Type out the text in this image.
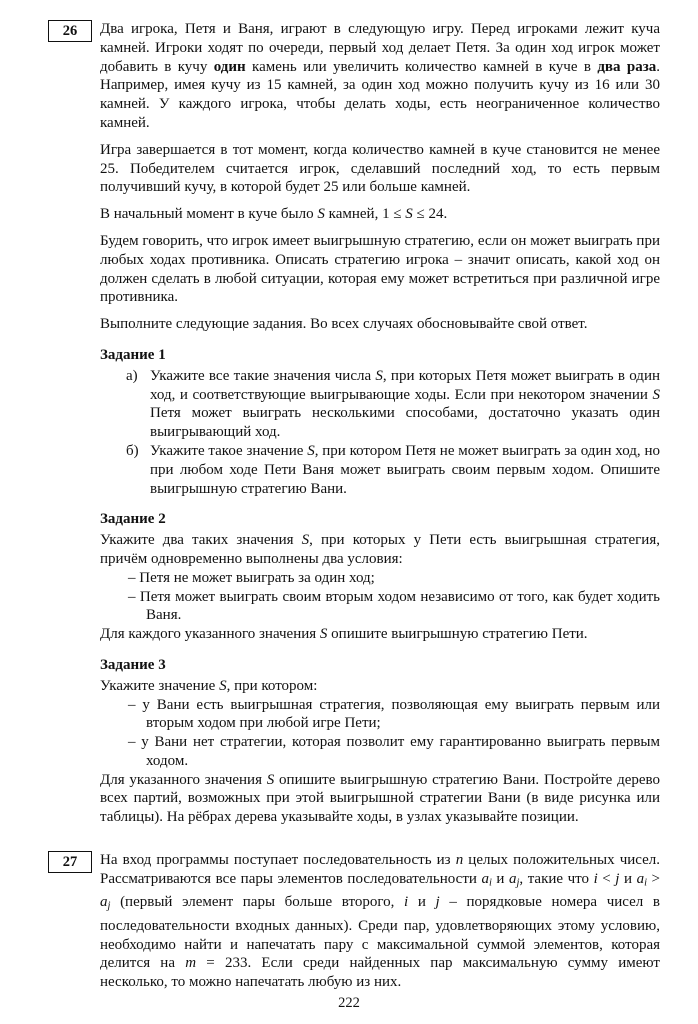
26 Два игрока, Петя и Ваня, играют в следующую игру. Перед игроками лежит куча камней. Игроки ходят по очереди, первый ход делает Петя. За один ход игрок может добавить в кучу один камень или увеличить количество камней в куче в два раза. Например, имея кучу из 15 камней, за один ход можно получить кучу из 16 или 30 камней. У каждого игрока, чтобы делать ходы, есть неограниченное количество камней.
Игра завершается в тот момент, когда количество камней в куче становится не менее 25. Победителем считается игрок, сделавший последний ход, то есть первым получивший кучу, в которой будет 25 или больше камней.
В начальный момент в куче было S камней, 1 ≤ S ≤ 24.
Будем говорить, что игрок имеет выигрышную стратегию, если он может выиграть при любых ходах противника. Описать стратегию игрока – значит описать, какой ход он должен сделать в любой ситуации, которая ему может встретиться при различной игре противника.
Выполните следующие задания. Во всех случаях обосновывайте свой ответ.
Задание 1
а) Укажите все такие значения числа S, при которых Петя может выиграть в один ход, и соответствующие выигрывающие ходы. Если при некотором значении S Петя может выиграть несколькими способами, достаточно указать один выигрывающий ход.
б) Укажите такое значение S, при котором Петя не может выиграть за один ход, но при любом ходе Пети Ваня может выиграть своим первым ходом. Опишите выигрышную стратегию Вани.
Задание 2
Укажите два таких значения S, при которых у Пети есть выигрышная стратегия, причём одновременно выполнены два условия:
– Петя не может выиграть за один ход;
– Петя может выиграть своим вторым ходом независимо от того, как будет ходить Ваня.
Для каждого указанного значения S опишите выигрышную стратегию Пети.
Задание 3
Укажите значение S, при котором:
– у Вани есть выигрышная стратегия, позволяющая ему выиграть первым или вторым ходом при любой игре Пети;
– у Вани нет стратегии, которая позволит ему гарантированно выиграть первым ходом.
Для указанного значения S опишите выигрышную стратегию Вани. Постройте дерево всех партий, возможных при этой выигрышной стратегии Вани (в виде рисунка или таблицы). На рёбрах дерева указывайте ходы, в узлах указывайте позиции.
27 На вход программы поступает последовательность из n целых положительных чисел. Рассматриваются все пары элементов последовательности ai и aj, такие что i < j и ai > aj (первый элемент пары больше второго, i и j – порядковые номера чисел в последовательности входных данных). Среди пар, удовлетворяющих этому условию, необходимо найти и напечатать пару с максимальной суммой элементов, которая делится на m = 233. Если среди найденных пар максимальную сумму имеют несколько, то можно напечатать любую из них.
222
